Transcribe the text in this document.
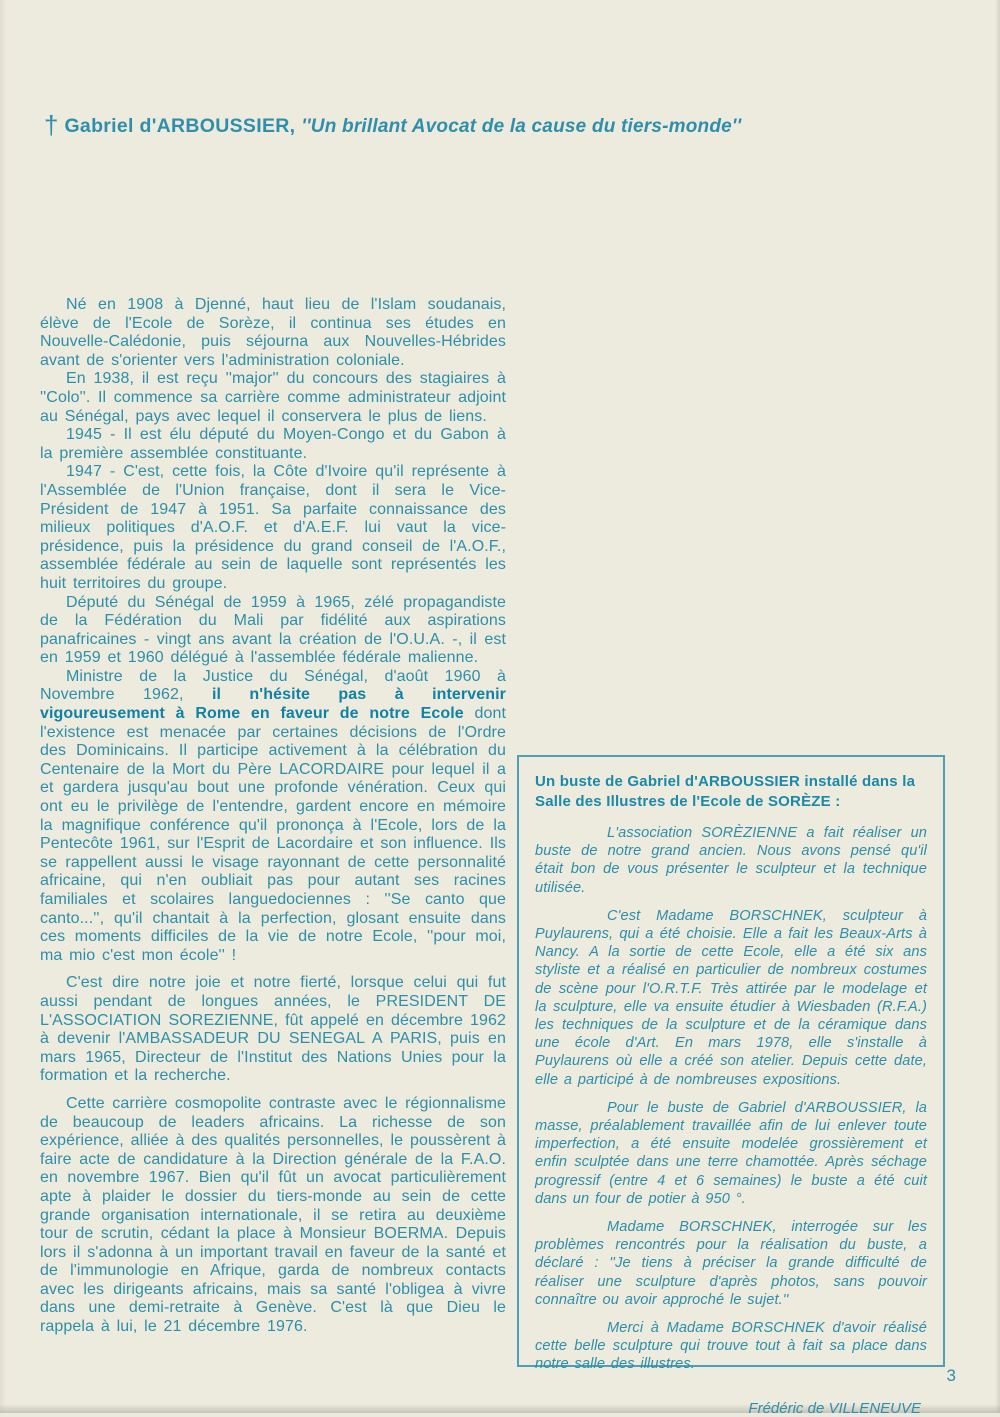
† Gabriel d'ARBOUSSIER, ''Un brillant Avocat de la cause du tiers-monde''

Né en 1908 à Djenné, haut lieu de l'Islam soudanais, élève de l'Ecole de Sorèze, il continua ses études en Nouvelle-Calédonie, puis séjourna aux Nouvelles-Hébrides avant de s'orienter vers l'administration coloniale.

En 1938, il est reçu ''major'' du concours des stagiaires à ''Colo''. Il commence sa carrière comme administrateur adjoint au Sénégal, pays avec lequel il conservera le plus de liens.

1945 - Il est élu député du Moyen-Congo et du Gabon à la première assemblée constituante.

1947 - C'est, cette fois, la Côte d'Ivoire qu'il représente à l'Assemblée de l'Union française, dont il sera le Vice-Président de 1947 à 1951. Sa parfaite connaissance des milieux politiques d'A.O.F. et d'A.E.F. lui vaut la vice-présidence, puis la présidence du grand conseil de l'A.O.F., assemblée fédérale au sein de laquelle sont représentés les huit territoires du groupe.

Député du Sénégal de 1959 à 1965, zélé propagandiste de la Fédération du Mali par fidélité aux aspirations panafricaines - vingt ans avant la création de l'O.U.A. -, il est en 1959 et 1960 délégué à l'assemblée fédérale malienne.

Ministre de la Justice du Sénégal, d'août 1960 à Novembre 1962, il n'hésite pas à intervenir vigoureusement à Rome en faveur de notre Ecole dont l'existence est menacée par certaines décisions de l'Ordre des Dominicains. Il participe activement à la célébration du Centenaire de la Mort du Père LACORDAIRE pour lequel il a et gardera jusqu'au bout une profonde vénération. Ceux qui ont eu le privilège de l'entendre, gardent encore en mémoire la magnifique conférence qu'il prononça à l'Ecole, lors de la Pentecôte 1961, sur l'Esprit de Lacordaire et son influence. Ils se rappellent aussi le visage rayonnant de cette personnalité africaine, qui n'en oubliait pas pour autant ses racines familiales et scolaires languedociennes : ''Se canto que canto...'', qu'il chantait à la perfection, glosant ensuite dans ces moments difficiles de la vie de notre Ecole, ''pour moi, ma mio c'est mon école'' !

C'est dire notre joie et notre fierté, lorsque celui qui fut aussi pendant de longues années, le PRESIDENT DE L'ASSOCIATION SOREZIENNE, fût appelé en décembre 1962 à devenir l'AMBASSADEUR DU SENEGAL A PARIS, puis en mars 1965, Directeur de l'Institut des Nations Unies pour la formation et la recherche.

Cette carrière cosmopolite contraste avec le régionnalisme de beaucoup de leaders africains. La richesse de son expérience, alliée à des qualités personnelles, le poussèrent à faire acte de candidature à la Direction générale de la F.A.O. en novembre 1967. Bien qu'il fût un avocat particulièrement apte à plaider le dossier du tiers-monde au sein de cette grande organisation internationale, il se retira au deuxième tour de scrutin, cédant la place à Monsieur BOERMA. Depuis lors il s'adonna à un important travail en faveur de la santé et de l'immunologie en Afrique, garda de nombreux contacts avec les dirigeants africains, mais sa santé l'obligea à vivre dans une demi-retraite à Genève. C'est là que Dieu le rappela à lui, le 21 décembre 1976.

Un buste de Gabriel d'ARBOUSSIER installé dans la Salle des Illustres de l'Ecole de SORÈZE :

L'association SORÈZIENNE a fait réaliser un buste de notre grand ancien. Nous avons pensé qu'il était bon de vous présenter le sculpteur et la technique utilisée.

C'est Madame BORSCHNEK, sculpteur à Puylaurens, qui a été choisie. Elle a fait les Beaux-Arts à Nancy. A la sortie de cette Ecole, elle a été six ans styliste et a réalisé en particulier de nombreux costumes de scène pour l'O.R.T.F. Très attirée par le modelage et la sculpture, elle va ensuite étudier à Wiesbaden (R.F.A.) les techniques de la sculpture et de la céramique dans une école d'Art. En mars 1978, elle s'installe à Puylaurens où elle a créé son atelier. Depuis cette date, elle a participé à de nombreuses expositions.

Pour le buste de Gabriel d'ARBOUSSIER, la masse, préalablement travaillée afin de lui enlever toute imperfection, a été ensuite modelée grossièrement et enfin sculptée dans une terre chamottée. Après séchage progressif (entre 4 et 6 semaines) le buste a été cuit dans un four de potier à 950 °.

Madame BORSCHNEK, interrogée sur les problèmes rencontrés pour la réalisation du buste, a déclaré : ''Je tiens à préciser la grande difficulté de réaliser une sculpture d'après photos, sans pouvoir connaître ou avoir approché le sujet.''

Merci à Madame BORSCHNEK d'avoir réalisé cette belle sculpture qui trouve tout à fait sa place dans notre salle des illustres.

Frédéric de VILLENEUVE
3
